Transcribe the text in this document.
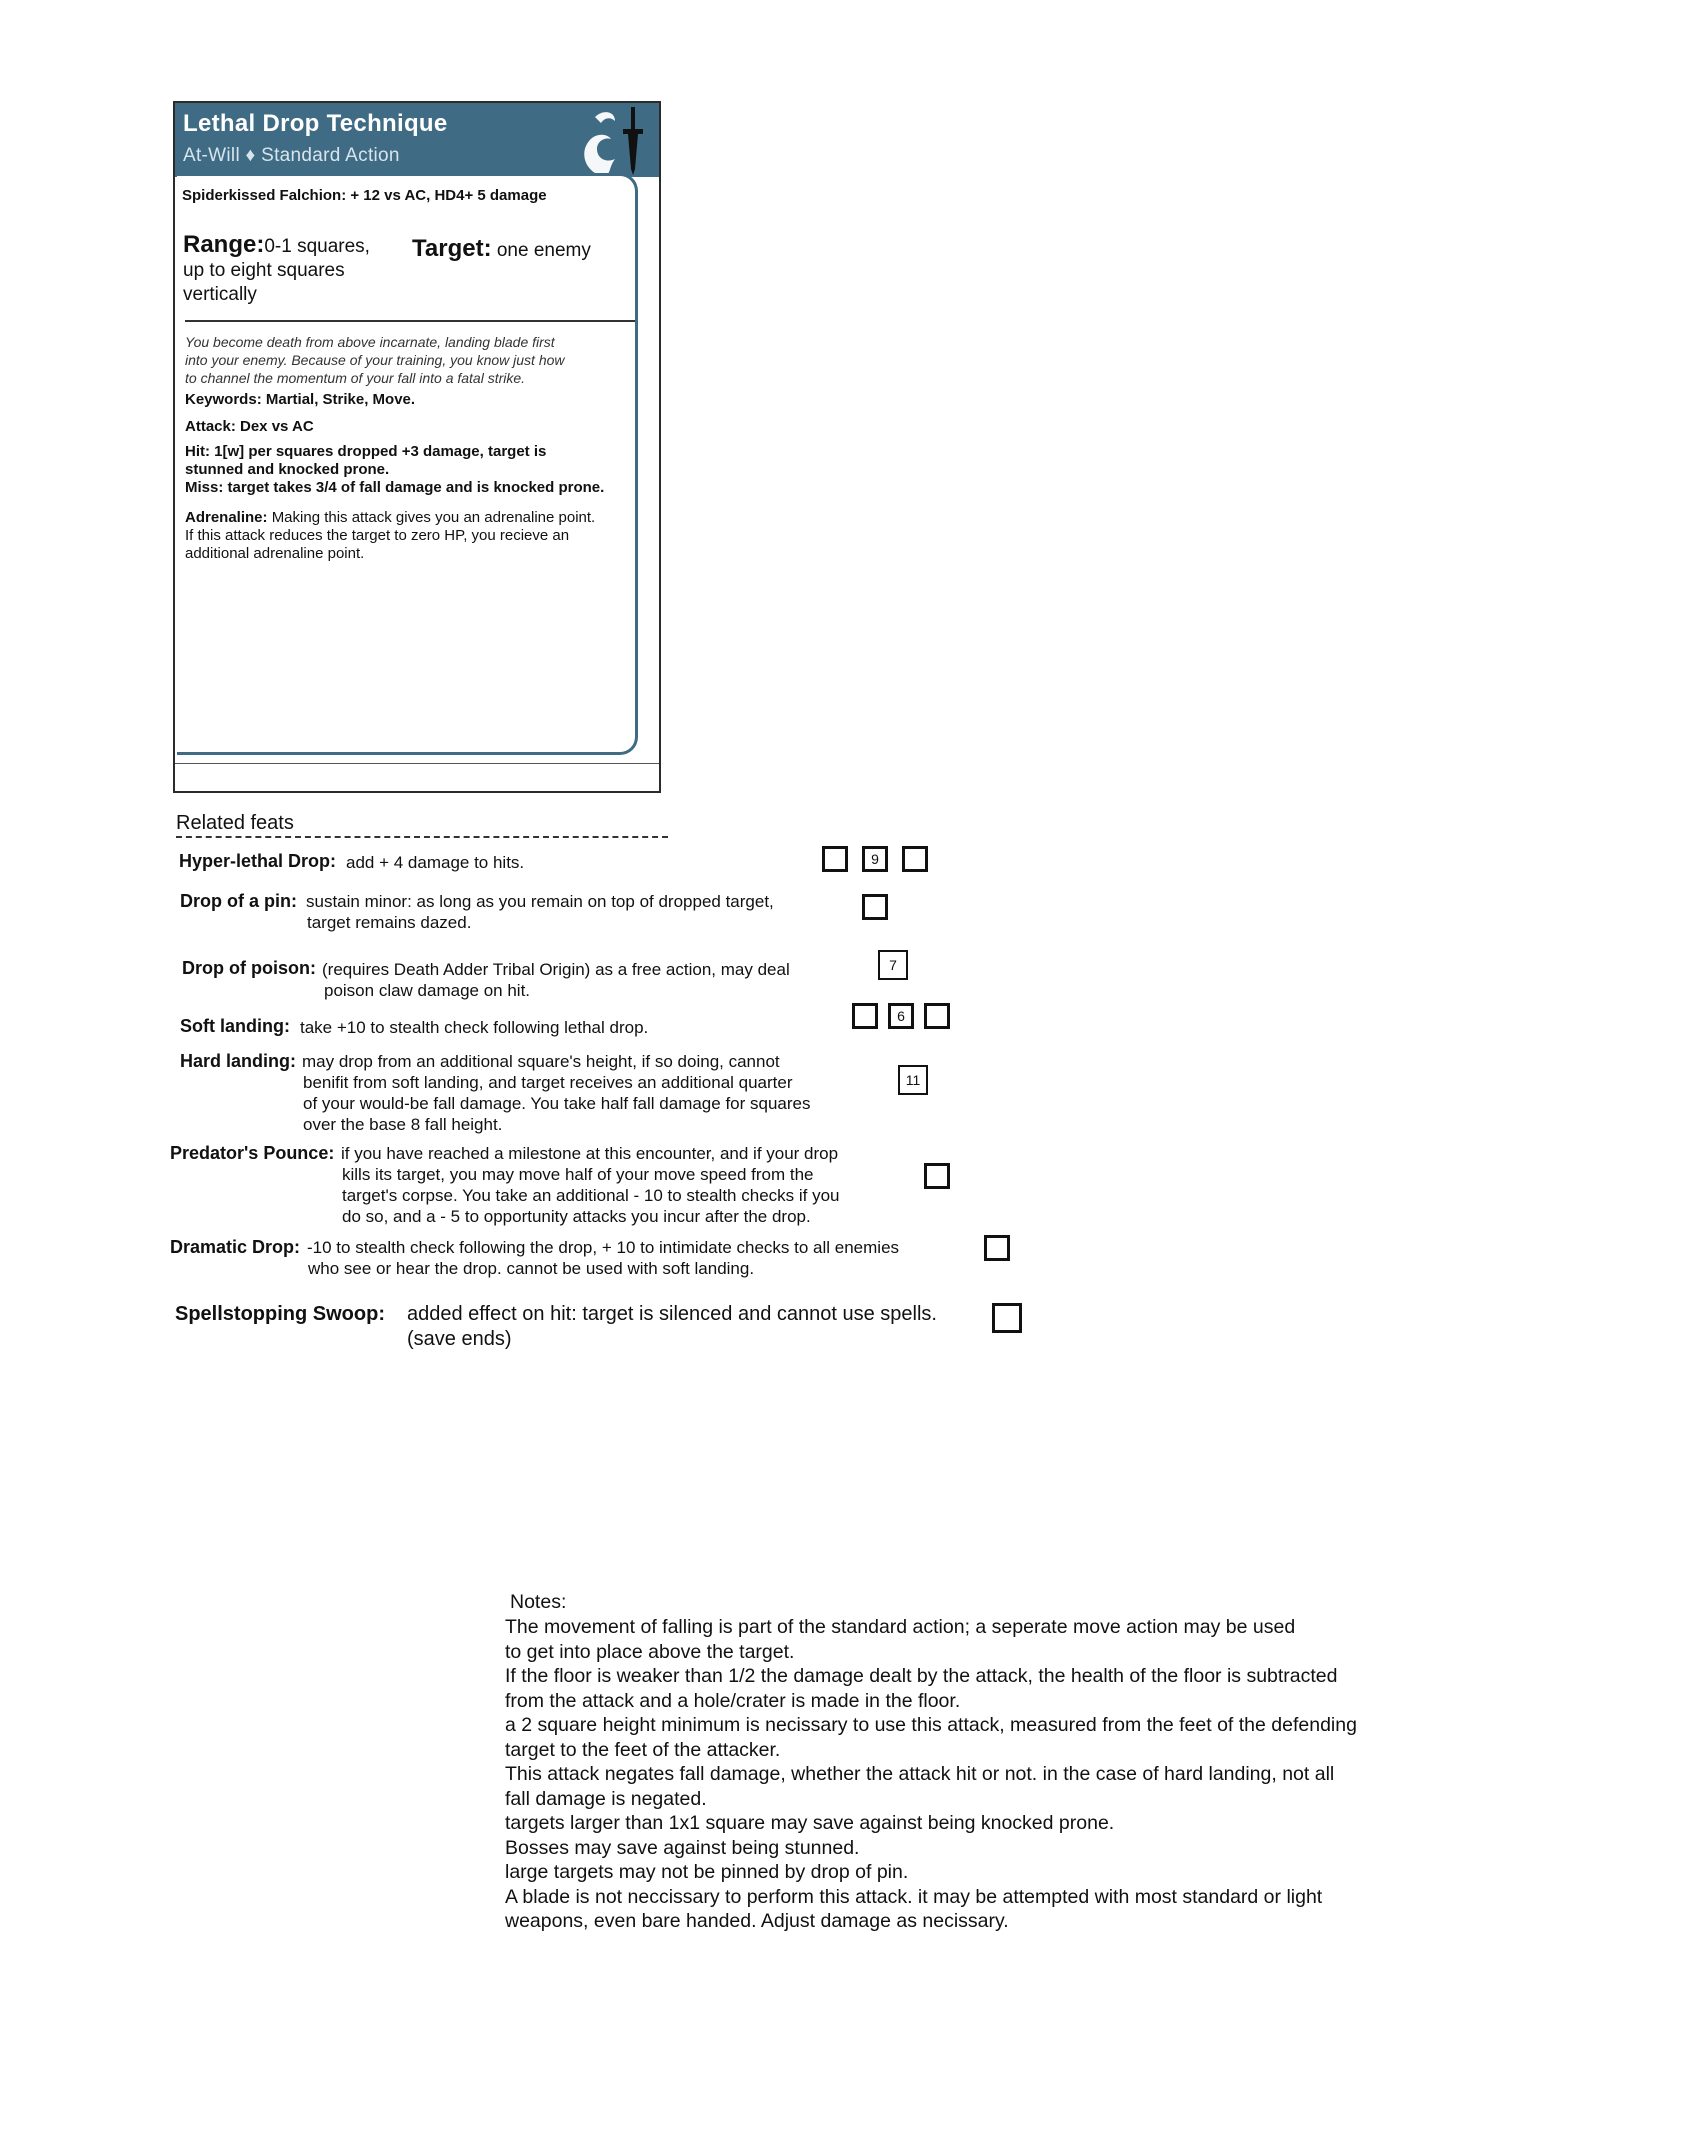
Lethal Drop Technique
At-Will ♦ Standard Action
Spiderkissed Falchion: + 12 vs AC, HD4+ 5 damage
Range:0-1 squares,
up to eight squares
vertically
Target: one enemy
You become death from above incarnate, landing blade first
into your enemy. Because of your training, you know just how
to channel the momentum of your fall into a fatal strike.
Keywords: Martial, Strike, Move.
Attack: Dex vs AC
Hit: 1[w] per squares dropped +3 damage, target is
stunned and knocked prone.
Miss: target takes 3/4 of fall damage and is knocked prone.
Adrenaline: Making this attack gives you an adrenaline point.
If this attack reduces the target to zero HP, you recieve an
additional adrenaline point.
Related feats
Hyper-lethal Drop: add + 4 damage to hits.	9
Drop of a pin: sustain minor: as long as you remain on top of dropped target,
target remains dazed.
Drop of poison: (requires Death Adder Tribal Origin) as a free action, may deal
poison claw damage on hit.
7
Soft landing: take +10 to stealth check following lethal drop.
6
Hard landing: may drop from an additional square's height, if so doing, cannot
benifit from soft landing, and target receives an additional quarter
of your would-be fall damage. You take half fall damage for squares
over the base 8 fall height.
11
Predator's Pounce: if you have reached a milestone at this encounter, and if your drop
kills its target, you may move half of your move speed from the
target's corpse. You take an additional - 10 to stealth checks if you
do so, and a - 5 to opportunity attacks you incur after the drop.
Dramatic Drop: -10 to stealth check following the drop, + 10 to intimidate checks to all enemies
who see or hear the drop. cannot be used with soft landing.
Spellstopping Swoop: added effect on hit: target is silenced and cannot use spells.
(save ends)
Notes:
The movement of falling is part of the standard action; a seperate move action may be used
to get into place above the target.
If the floor is weaker than 1/2 the damage dealt by the attack, the health of the floor is subtracted
from the attack and a hole/crater is made in the floor.
a 2 square height minimum is necissary to use this attack, measured from the feet of the defending
target to the feet of the attacker.
This attack negates fall damage, whether the attack hit or not. in the case of hard landing, not all
fall damage is negated.
targets larger than 1x1 square may save against being knocked prone.
Bosses may save against being stunned.
large targets may not be pinned by drop of pin.
A blade is not neccissary to perform this attack. it may be attempted with most standard or light
weapons, even bare handed. Adjust damage as necissary.
